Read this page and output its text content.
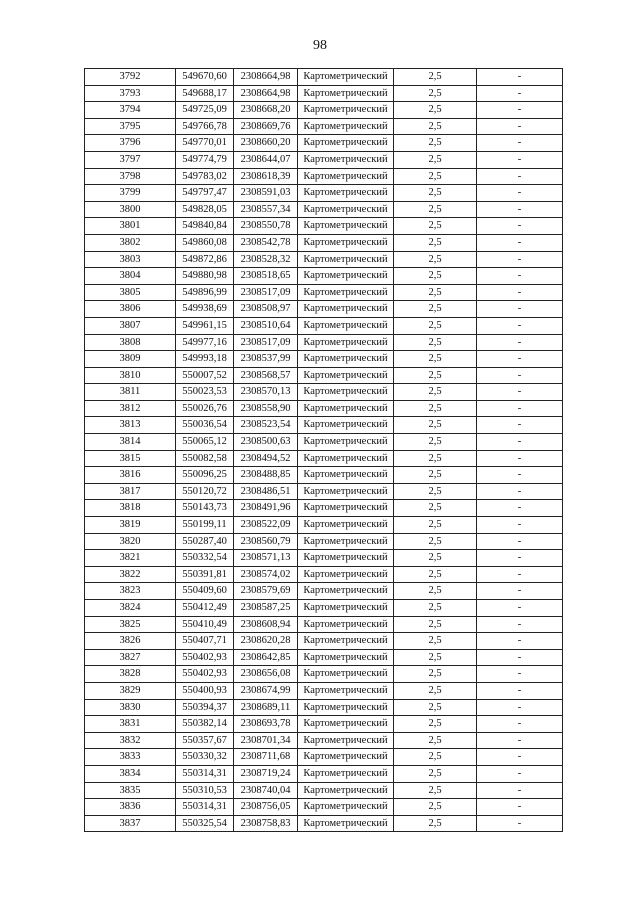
98
3792	549670,60	2308664,98	Картометрический	2,5	-
3793	549688,17	2308664,98	Картометрический	2,5	-
3794	549725,09	2308668,20	Картометрический	2,5	-
3795	549766,78	2308669,76	Картометрический	2,5	-
3796	549770,01	2308660,20	Картометрический	2,5	-
3797	549774,79	2308644,07	Картометрический	2,5	-
3798	549783,02	2308618,39	Картометрический	2,5	-
3799	549797,47	2308591,03	Картометрический	2,5	-
3800	549828,05	2308557,34	Картометрический	2,5	-
3801	549840,84	2308550,78	Картометрический	2,5	-
3802	549860,08	2308542,78	Картометрический	2,5	-
3803	549872,86	2308528,32	Картометрический	2,5	-
3804	549880,98	2308518,65	Картометрический	2,5	-
3805	549896,99	2308517,09	Картометрический	2,5	-
3806	549938,69	2308508,97	Картометрический	2,5	-
3807	549961,15	2308510,64	Картометрический	2,5	-
3808	549977,16	2308517,09	Картометрический	2,5	-
3809	549993,18	2308537,99	Картометрический	2,5	-
3810	550007,52	2308568,57	Картометрический	2,5	-
3811	550023,53	2308570,13	Картометрический	2,5	-
3812	550026,76	2308558,90	Картометрический	2,5	-
3813	550036,54	2308523,54	Картометрический	2,5	-
3814	550065,12	2308500,63	Картометрический	2,5	-
3815	550082,58	2308494,52	Картометрический	2,5	-
3816	550096,25	2308488,85	Картометрический	2,5	-
3817	550120,72	2308486,51	Картометрический	2,5	-
3818	550143,73	2308491,96	Картометрический	2,5	-
3819	550199,11	2308522,09	Картометрический	2,5	-
3820	550287,40	2308560,79	Картометрический	2,5	-
3821	550332,54	2308571,13	Картометрический	2,5	-
3822	550391,81	2308574,02	Картометрический	2,5	-
3823	550409,60	2308579,69	Картометрический	2,5	-
3824	550412,49	2308587,25	Картометрический	2,5	-
3825	550410,49	2308608,94	Картометрический	2,5	-
3826	550407,71	2308620,28	Картометрический	2,5	-
3827	550402,93	2308642,85	Картометрический	2,5	-
3828	550402,93	2308656,08	Картометрический	2,5	-
3829	550400,93	2308674,99	Картометрический	2,5	-
3830	550394,37	2308689,11	Картометрический	2,5	-
3831	550382,14	2308693,78	Картометрический	2,5	-
3832	550357,67	2308701,34	Картометрический	2,5	-
3833	550330,32	2308711,68	Картометрический	2,5	-
3834	550314,31	2308719,24	Картометрический	2,5	-
3835	550310,53	2308740,04	Картометрический	2,5	-
3836	550314,31	2308756,05	Картометрический	2,5	-
3837	550325,54	2308758,83	Картометрический	2,5	-
